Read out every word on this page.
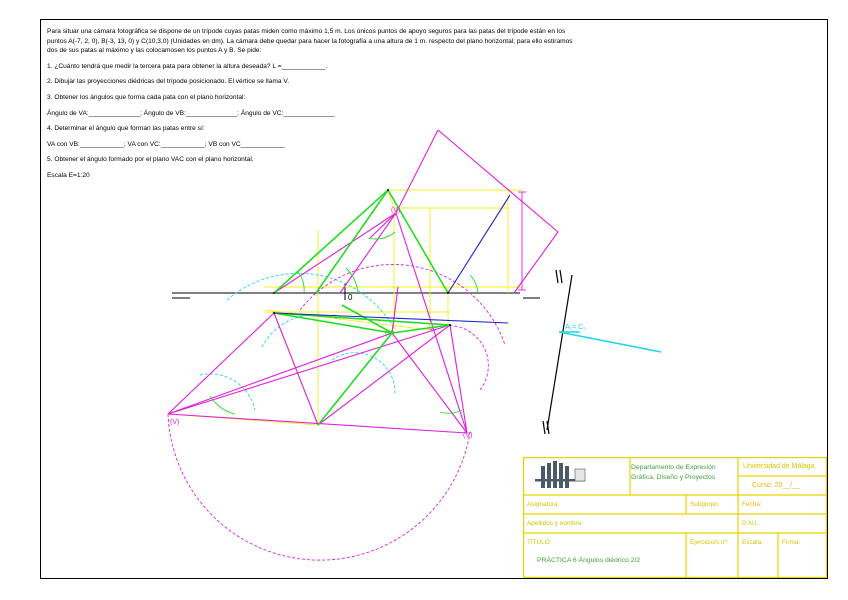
Para situar una cámara fotográfica se dispone de un trípode cuyas patas miden como máximo 1,5 m. Los únicos puntos de apoyo seguros para las patas del trípode están en los

puntos A(-7, 2, 0), B(-3, 13, 0) y C(10,3,0) (Unidades en dm). La cámara debe quedar para hacer la fotografía a una altura de 1 m. respecto del plano horizontal; para ello estiramos

dos de sus patas al máximo y las colocamosen los puntos A y B. Se pide:

1. ¿Cuánto tendrá que medir la tercera pata para obtener la altura deseada? L =____________.

2. Dibujar las proyecciones diédricas del trípode posicionado. El vértice se llama V.

3. Obtener los ángulos que forma cada pata con el plano horizontal:

Ángulo de VA:______________; Ángulo de VB:______________; Ángulo de VC:______________

4. Determinar el ángulo que forman las patas entre sí:

VA con VB:____________; VA con VC:____________; VB con VC____________

5. Obtener el ángulo formado por el plano VAC con el plano horizontal.

Escala E=1:20

0
A₁= C₁
(V)
(V)
(V)
(V)
Departamento de Expresión Gráfica, Diseño y Proyectos
Universidad de Málaga
Curso: 20__/__
Asignatura:	Subgrupo:	Fecha:
Apellidos y nombre:	D.N.I.:
TÍTULO:	Ejercicio/s nº: Escala:	Firma:
PRÁCTICA 6 Ángulos diédrico 2/2
